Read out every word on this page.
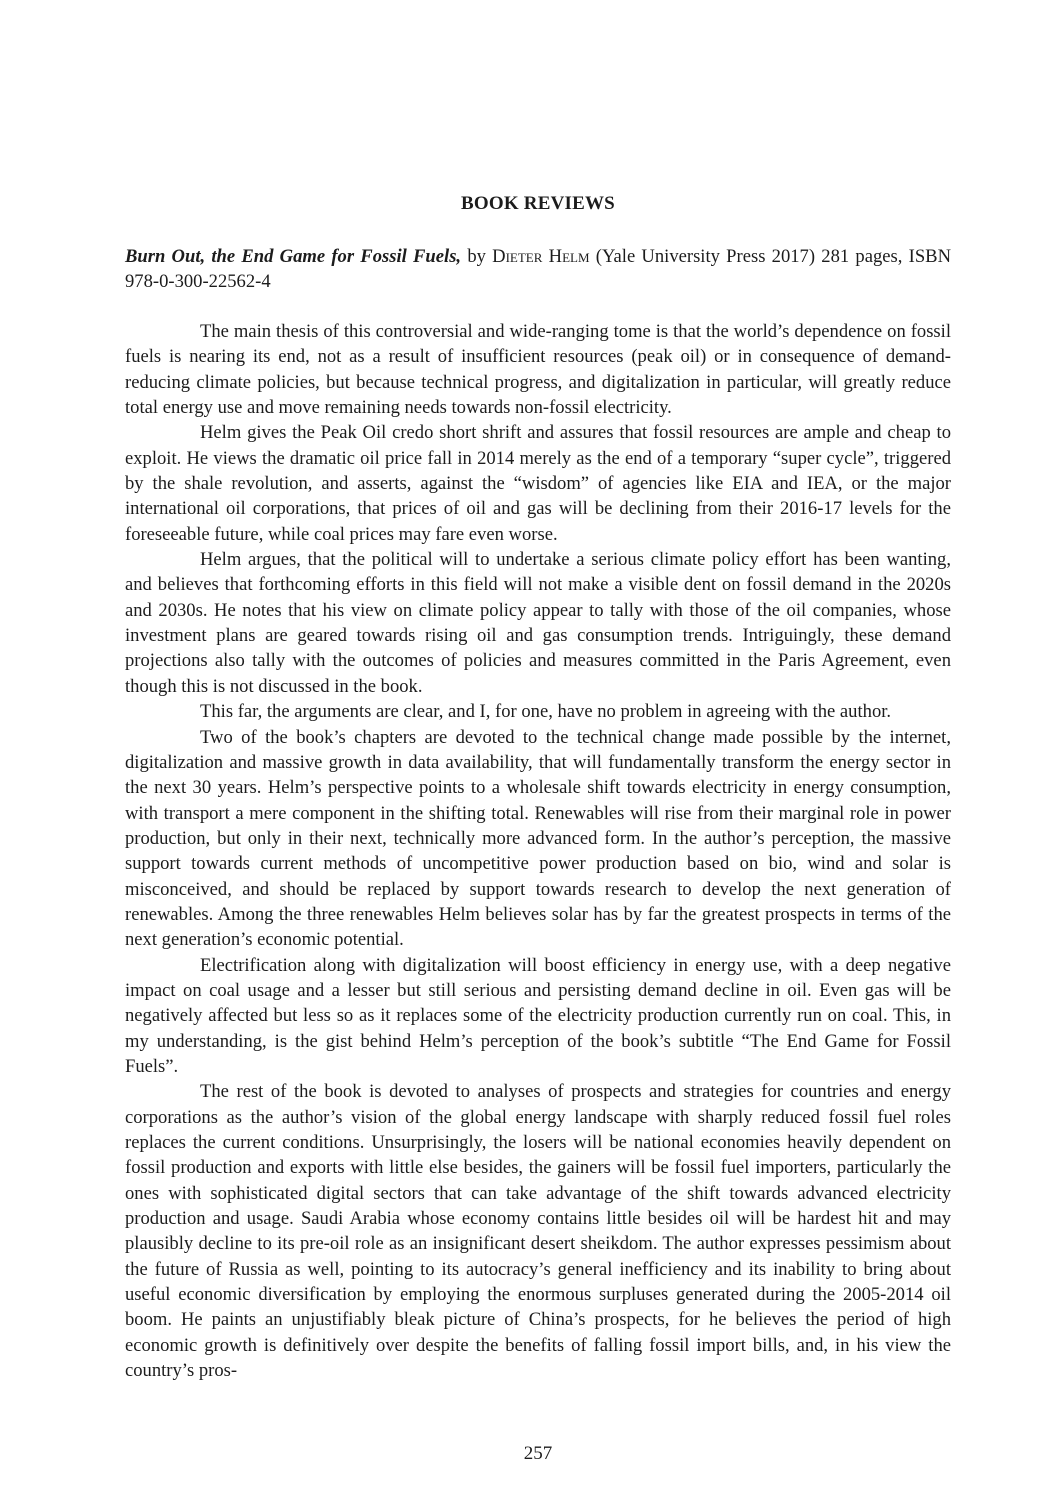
BOOK REVIEWS
Burn Out, the End Game for Fossil Fuels, by Dieter Helm (Yale University Press 2017) 281 pages, ISBN 978-0-300-22562-4

The main thesis of this controversial and wide-ranging tome is that the world’s dependence on fossil fuels is nearing its end, not as a result of insufficient resources (peak oil) or in consequence of demand-reducing climate policies, but because technical progress, and digitalization in particular, will greatly reduce total energy use and move remaining needs towards non-fossil electricity.

Helm gives the Peak Oil credo short shrift and assures that fossil resources are ample and cheap to exploit. He views the dramatic oil price fall in 2014 merely as the end of a temporary “super cycle”, triggered by the shale revolution, and asserts, against the “wisdom” of agencies like EIA and IEA, or the major international oil corporations, that prices of oil and gas will be declining from their 2016-17 levels for the foreseeable future, while coal prices may fare even worse.

Helm argues, that the political will to undertake a serious climate policy effort has been wanting, and believes that forthcoming efforts in this field will not make a visible dent on fossil demand in the 2020s and 2030s. He notes that his view on climate policy appear to tally with those of the oil companies, whose investment plans are geared towards rising oil and gas consumption trends. Intriguingly, these demand projections also tally with the outcomes of policies and measures committed in the Paris Agreement, even though this is not discussed in the book.

This far, the arguments are clear, and I, for one, have no problem in agreeing with the author.

Two of the book’s chapters are devoted to the technical change made possible by the internet, digitalization and massive growth in data availability, that will fundamentally transform the energy sector in the next 30 years. Helm’s perspective points to a wholesale shift towards electricity in energy consumption, with transport a mere component in the shifting total. Renewables will rise from their marginal role in power production, but only in their next, technically more advanced form. In the author’s perception, the massive support towards current methods of uncompetitive power production based on bio, wind and solar is misconceived, and should be replaced by support towards research to develop the next generation of renewables. Among the three renewables Helm believes solar has by far the greatest prospects in terms of the next generation’s economic potential.

Electrification along with digitalization will boost efficiency in energy use, with a deep negative impact on coal usage and a lesser but still serious and persisting demand decline in oil. Even gas will be negatively affected but less so as it replaces some of the electricity production currently run on coal. This, in my understanding, is the gist behind Helm’s perception of the book’s subtitle “The End Game for Fossil Fuels”.

The rest of the book is devoted to analyses of prospects and strategies for countries and energy corporations as the author’s vision of the global energy landscape with sharply reduced fossil fuel roles replaces the current conditions. Unsurprisingly, the losers will be national economies heavily dependent on fossil production and exports with little else besides, the gainers will be fossil fuel importers, particularly the ones with sophisticated digital sectors that can take advantage of the shift towards advanced electricity production and usage. Saudi Arabia whose economy contains little besides oil will be hardest hit and may plausibly decline to its pre-oil role as an insignificant desert sheikdom. The author expresses pessimism about the future of Russia as well, pointing to its autocracy’s general inefficiency and its inability to bring about useful economic diversification by employing the enormous surpluses generated during the 2005-2014 oil boom. He paints an unjustifiably bleak picture of China’s prospects, for he believes the period of high economic growth is definitively over despite the benefits of falling fossil import bills, and, in his view the country’s pros-

257
